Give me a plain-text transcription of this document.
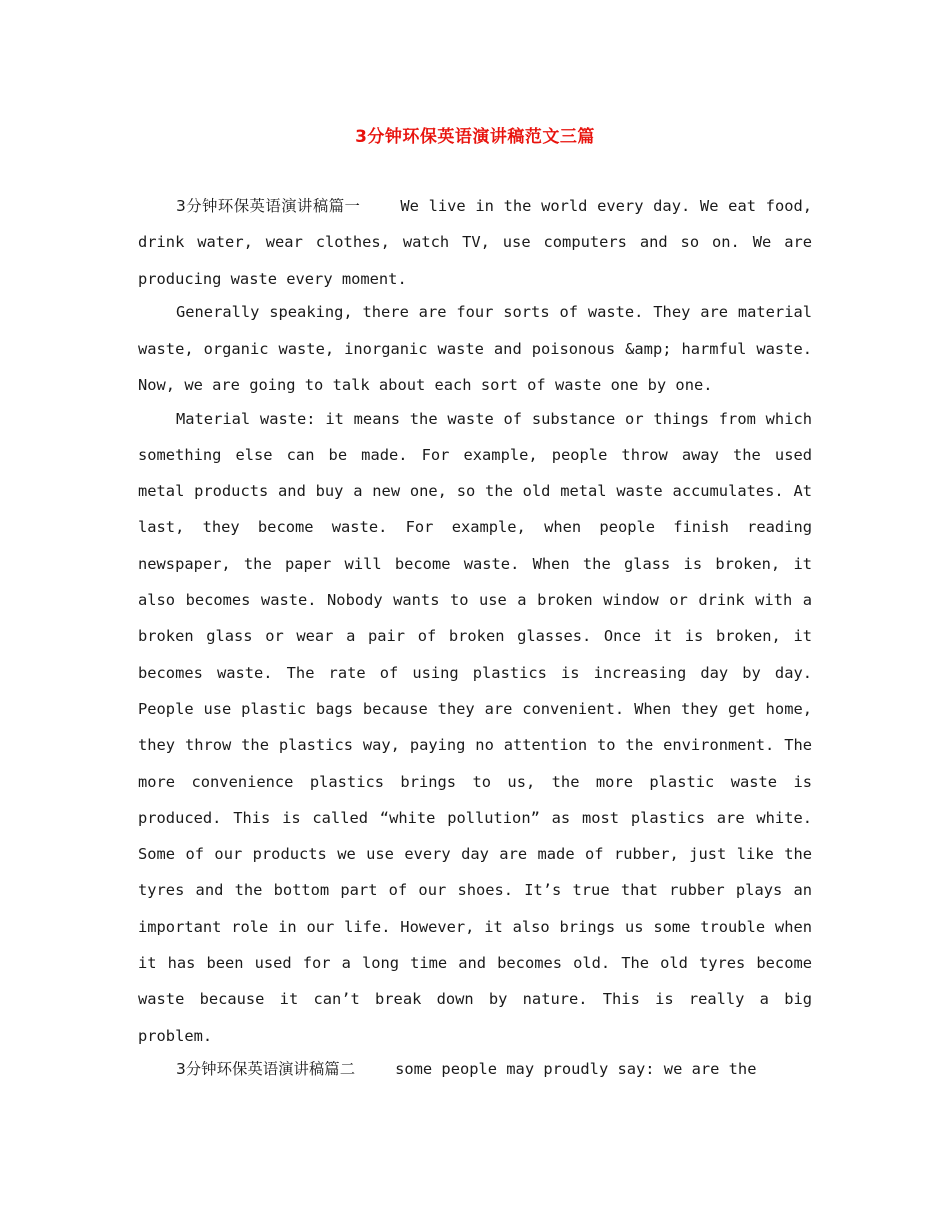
3分钟环保英语演讲稿范文三篇

3分钟环保英语演讲稿篇一	We live in the world every day. We eat food, drink water, wear clothes, watch TV, use computers and so on. We are producing waste every moment.

Generally speaking, there are four sorts of waste. They are material waste, organic waste, inorganic waste and poisonous &amp; harmful waste. Now, we are going to talk about each sort of waste one by one.

Material waste: it means the waste of substance or things from which something else can be made. For example, people throw away the used metal products and buy a new one, so the old metal waste accumulates. At last, they become waste. For example, when people finish reading newspaper, the paper will become waste. When the glass is broken, it also becomes waste. Nobody wants to use a broken window or drink with a broken glass or wear a pair of broken glasses. Once it is broken, it becomes waste. The rate of using plastics is increasing day by day. People use plastic bags because they are convenient. When they get home, they throw the plastics way, paying no attention to the environment. The more convenience plastics brings to us, the more plastic waste is produced. This is called “white pollution” as most plastics are white. Some of our products we use every day are made of rubber, just like the tyres and the bottom part of our shoes. It’s true that rubber plays an important role in our life. However, it also brings us some trouble when it has been used for a long time and becomes old. The old tyres become waste because it can’t break down by nature. This is really a big problem.

3分钟环保英语演讲稿篇二	some people may proudly say: we are the
